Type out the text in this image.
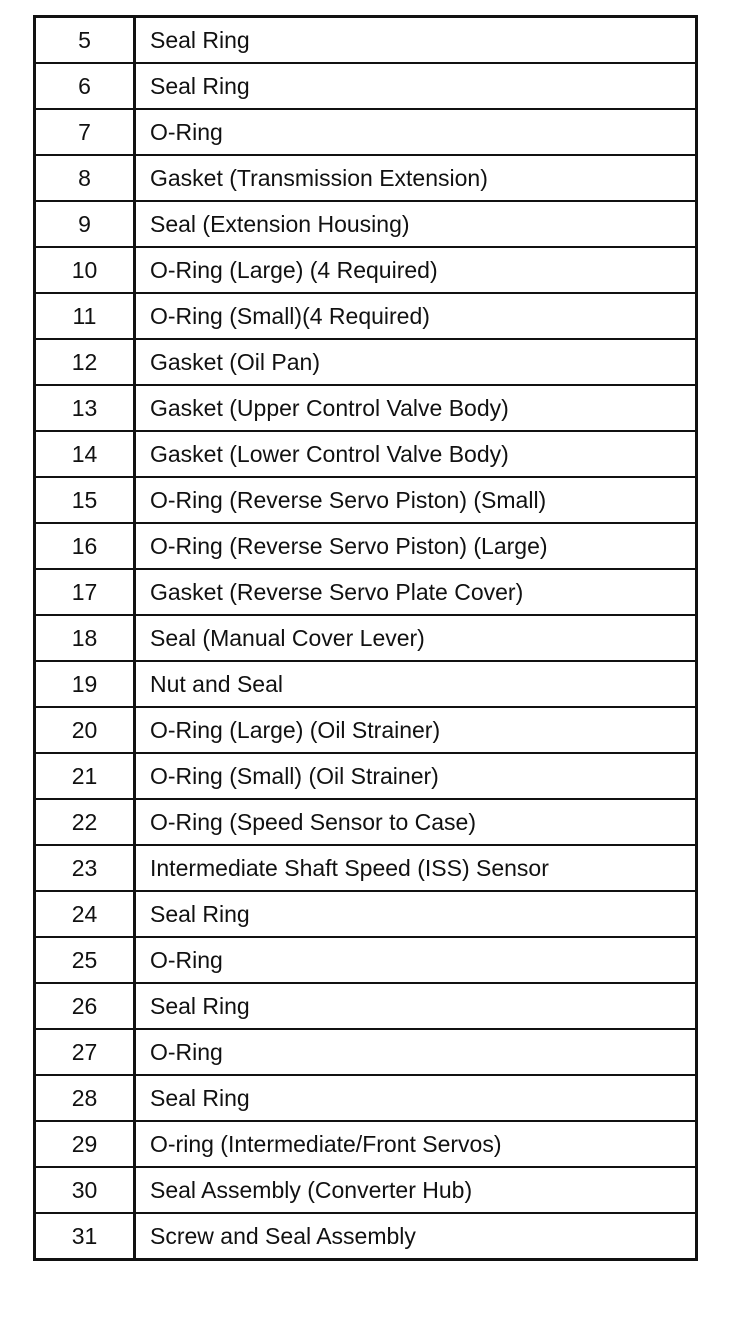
5	Seal Ring
6	Seal Ring
7	O-Ring
8	Gasket (Transmission Extension)
9	Seal (Extension Housing)
10	O-Ring (Large) (4 Required)
11	O-Ring (Small)(4 Required)
12	Gasket (Oil Pan)
13	Gasket (Upper Control Valve Body)
14	Gasket (Lower Control Valve Body)
15	O-Ring (Reverse Servo Piston) (Small)
16	O-Ring (Reverse Servo Piston) (Large)
17	Gasket (Reverse Servo Plate Cover)
18	Seal (Manual Cover Lever)
19	Nut and Seal
20	O-Ring (Large) (Oil Strainer)
21	O-Ring (Small) (Oil Strainer)
22	O-Ring (Speed Sensor to Case)
23	Intermediate Shaft Speed (ISS) Sensor
24	Seal Ring
25	O-Ring
26	Seal Ring
27	O-Ring
28	Seal Ring
29	O-ring (Intermediate/Front Servos)
30	Seal Assembly (Converter Hub)
31	Screw and Seal Assembly
